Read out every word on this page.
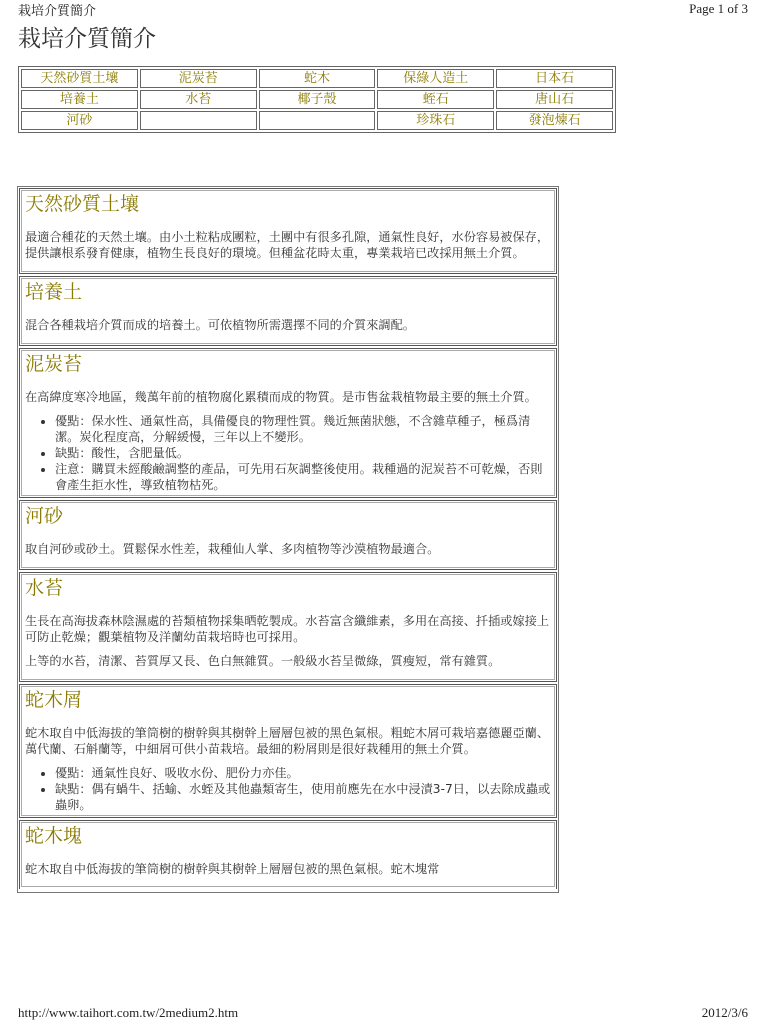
栽培介質簡介	Page 1 of 3
栽培介質簡介
天然砂質土壤	泥炭苔	蛇木	保綠人造土	日本石
培養土	水苔	椰子殼	蛭石	唐山石
河砂			珍珠石	發泡煉石
天然砂質土壤

最適合種花的天然土壤。由小土粒粘成團粒，土團中有很多孔隙，通氣性良好，水份容易被保存，提供讓根系發育健康，植物生長良好的環境。但種盆花時太重，專業栽培已改採用無土介質。

培養土

混合各種栽培介質而成的培養土。可依植物所需選擇不同的介質來調配。

泥炭苔

在高緯度寒冷地區，幾萬年前的植物腐化累積而成的物質。是市售盆栽植物最主要的無土介質。

• 優點：保水性、通氣性高，具備優良的物理性質。幾近無菌狀態，不含雜草種子，極爲清潔。炭化程度高，分解緩慢，三年以上不變形。
• 缺點：酸性，含肥量低。
• 注意：購買未經酸鹼調整的產品，可先用石灰調整後使用。栽種過的泥炭苔不可乾燥，否則會產生拒水性，導致植物枯死。
河砂

取自河砂或砂土。質鬆保水性差，栽種仙人掌、多肉植物等沙漠植物最適合。

水苔

生長在高海拔森林陰濕處的苔類植物採集晒乾製成。水苔富含纖維素，多用在高接、扦插或嫁接上可防止乾燥；觀葉植物及洋蘭幼苗栽培時也可採用。

上等的水苔，清潔、苔質厚又長、色白無雜質。一般級水苔呈微綠，質瘦短，常有雜質。

蛇木屑

蛇木取自中低海拔的筆筒樹的樹幹與其樹幹上層層包被的黑色氣根。粗蛇木屑可栽培嘉德麗亞蘭、萬代蘭、石斛蘭等，中細屑可供小苗栽培。最細的粉屑則是很好栽種用的無土介質。

• 優點：通氣性良好、吸收水份、肥份力亦佳。
• 缺點：偶有蝸牛、括蝓、水蛭及其他蟲類寄生，使用前應先在水中浸漬3-7日，以去除成蟲或蟲卵。
蛇木塊

蛇木取自中低海拔的筆筒樹的樹幹與其樹幹上層層包被的黑色氣根。蛇木塊常

http://www.taihort.com.tw/2medium2.htm	2012/3/6
